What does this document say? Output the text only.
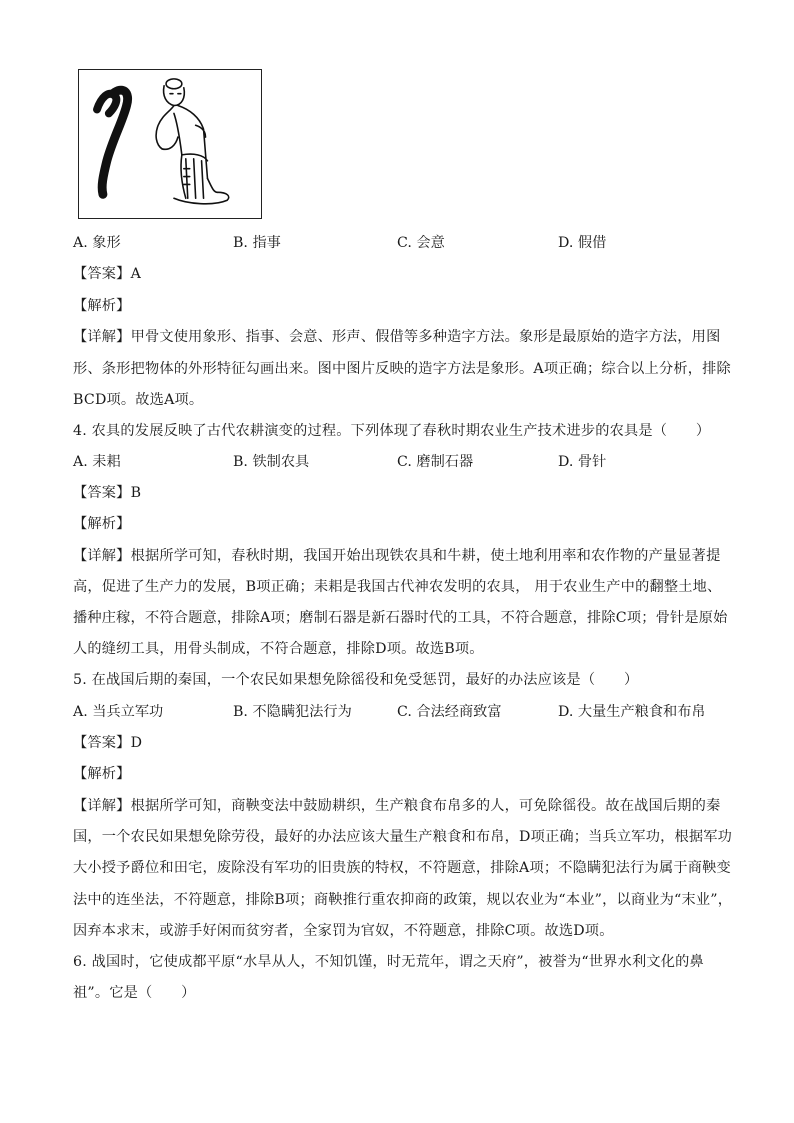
A. 象形	B. 指事	C. 会意	D. 假借
【答案】A
【解析】
【详解】甲骨文使用象形、指事、会意、形声、假借等多种造字方法。象形是最原始的造字方法，用图
形、条形把物体的外形特征勾画出来。图中图片反映的造字方法是象形。A项正确；综合以上分析，排除
BCD项。故选A项。
4. 农具的发展反映了古代农耕演变的过程。下列体现了春秋时期农业生产技术进步的农具是（　　）
A. 耒耜	B. 铁制农具	C. 磨制石器	D. 骨针
【答案】B
【解析】
【详解】根据所学可知，春秋时期，我国开始出现铁农具和牛耕，使土地利用率和农作物的产量显著提
高，促进了生产力的发展，B项正确；耒耜是我国古代神农发明的农具， 用于农业生产中的翻整土地、
播种庄稼，不符合题意，排除A项；磨制石器是新石器时代的工具，不符合题意，排除C项；骨针是原始
人的缝纫工具，用骨头制成，不符合题意，排除D项。故选B项。
5. 在战国后期的秦国，一个农民如果想免除徭役和免受惩罚，最好的办法应该是（　　）
A. 当兵立军功	B. 不隐瞒犯法行为	C. 合法经商致富	D. 大量生产粮食和布帛
【答案】D
【解析】
【详解】根据所学可知，商鞅变法中鼓励耕织，生产粮食布帛多的人，可免除徭役。故在战国后期的秦
国，一个农民如果想免除劳役，最好的办法应该大量生产粮食和布帛，D项正确；当兵立军功，根据军功
大小授予爵位和田宅，废除没有军功的旧贵族的特权，不符题意，排除A项；不隐瞒犯法行为属于商鞅变
法中的连坐法，不符题意，排除B项；商鞅推行重农抑商的政策，规以农业为“本业”，以商业为“末业”，
因弃本求末，或游手好闲而贫穷者，全家罚为官奴，不符题意，排除C项。故选D项。
6. 战国时，它使成都平原“水旱从人，不知饥馑，时无荒年，谓之天府”，被誉为“世界水利文化的鼻
祖”。它是（　　）
